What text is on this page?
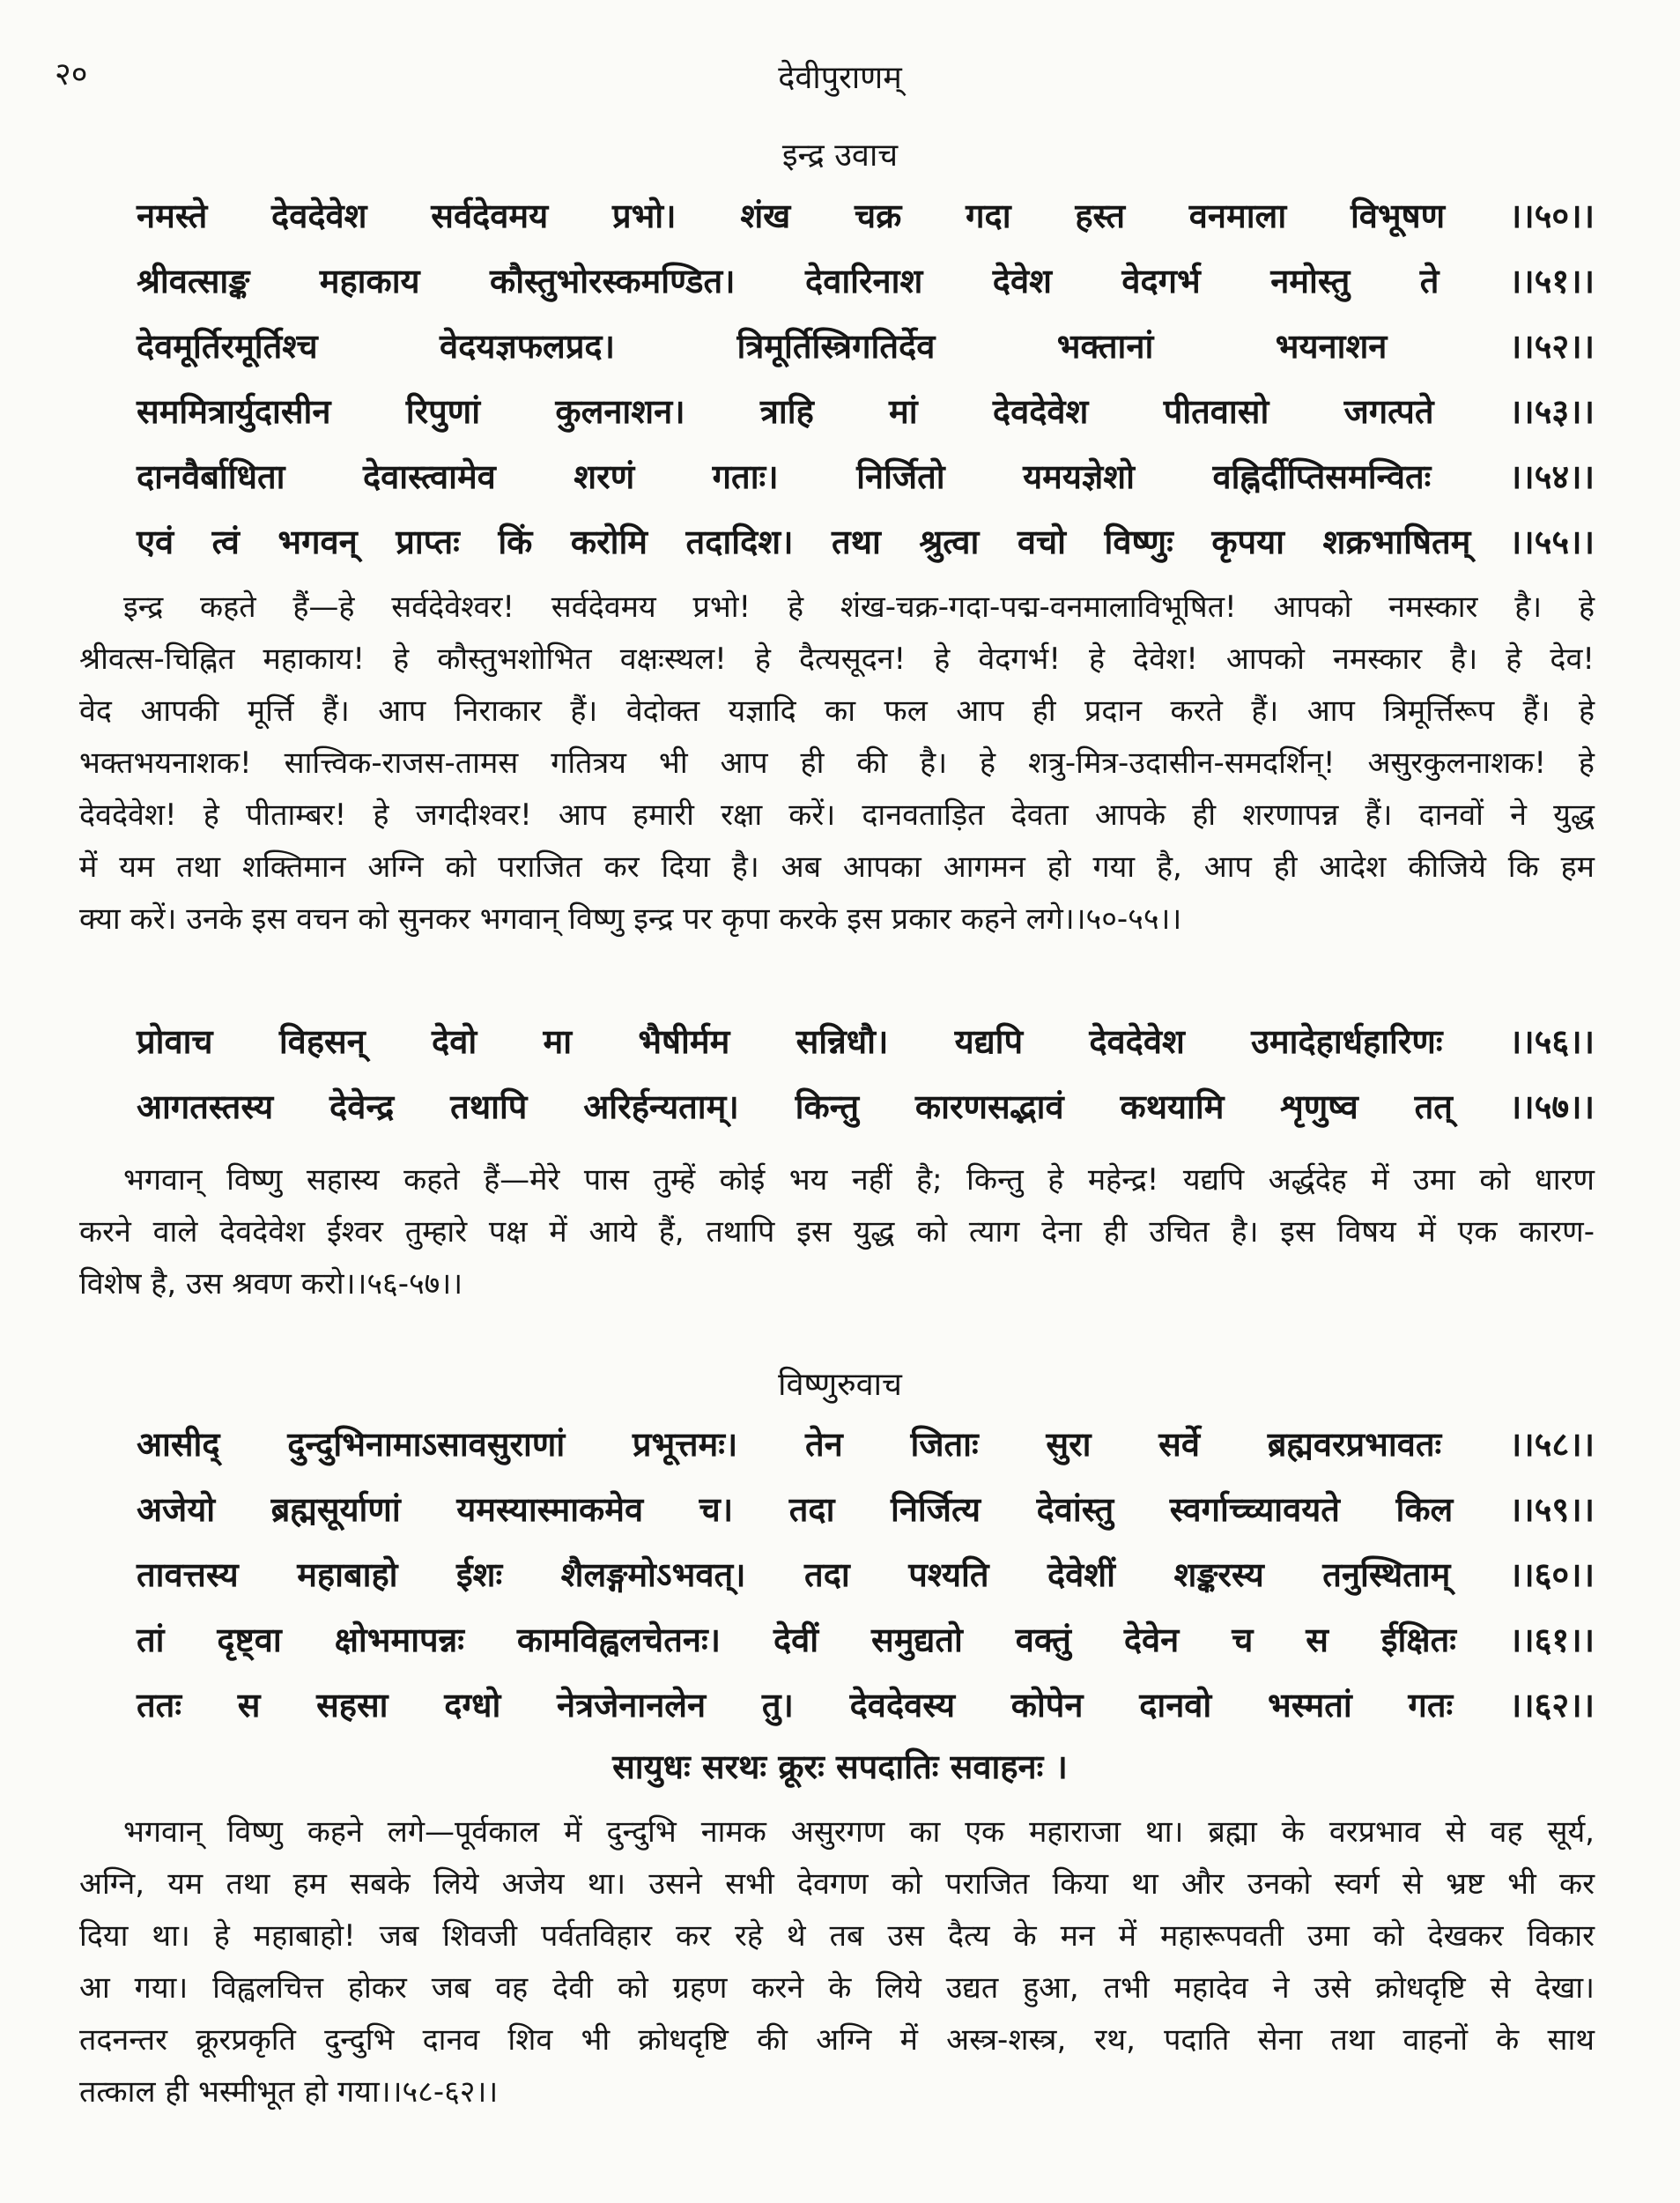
२०	देवीपुराणम्
इन्द्र उवाच
नमस्ते देवदेवेश सर्वदेवमय प्रभो। शंख चक्र गदा हस्त वनमाला विभूषण ।।५०।।
श्रीवत्साङ्क महाकाय कौस्तुभोरस्कमण्डित। देवारिनाश देवेश वेदगर्भ नमोस्तु ते ।।५१।।
देवमूर्तिरमूर्तिश्च वेदयज्ञफलप्रद। त्रिमूर्तिस्त्रिगतिर्देव भक्तानां भयनाशन ।।५२।।
सममित्रार्युदासीन रिपुणां कुलनाशन। त्राहि मां देवदेवेश पीतवासो जगत्पते ।।५३।।
दानवैर्बाधिता देवास्त्वामेव शरणं गताः। निर्जितो यमयज्ञेशो वह्निर्दीप्तिसमन्वितः ।।५४।।
एवं त्वं भगवन् प्राप्तः किं करोमि तदादिश। तथा श्रुत्वा वचो विष्णुः कृपया शक्रभाषितम् ।।५५।।
इन्द्र कहते हैं—हे सर्वदेवेश्वर! सर्वदेवमय प्रभो! हे शंख-चक्र-गदा-पद्म-वनमालाविभूषित! आपको नमस्कार है। हे
श्रीवत्स-चिह्नित महाकाय! हे कौस्तुभशोभित वक्षःस्थल! हे दैत्यसूदन! हे वेदगर्भ! हे देवेश! आपको नमस्कार है। हे देव!
वेद आपकी मूर्त्ति हैं। आप निराकार हैं। वेदोक्त यज्ञादि का फल आप ही प्रदान करते हैं। आप त्रिमूर्त्तिरूप हैं। हे
भक्तभयनाशक! सात्त्विक-राजस-तामस गतित्रय भी आप ही की है। हे शत्रु-मित्र-उदासीन-समदर्शिन्! असुरकुलनाशक! हे
देवदेवेश! हे पीताम्बर! हे जगदीश्वर! आप हमारी रक्षा करें। दानवताड़ित देवता आपके ही शरणापन्न हैं। दानवों ने युद्ध
में यम तथा शक्तिमान अग्नि को पराजित कर दिया है। अब आपका आगमन हो गया है, आप ही आदेश कीजिये कि हम
क्या करें। उनके इस वचन को सुनकर भगवान् विष्णु इन्द्र पर कृपा करके इस प्रकार कहने लगे।।५०-५५।।
प्रोवाच विहसन् देवो मा भैषीर्मम सन्निधौ। यद्यपि देवदेवेश उमादेहार्धहारिणः ।।५६।।
आगतस्तस्य देवेन्द्र तथापि अरिर्हन्यताम्। किन्तु कारणसद्भावं कथयामि शृणुष्व तत् ।।५७।।
भगवान् विष्णु सहास्य कहते हैं—मेरे पास तुम्हें कोई भय नहीं है; किन्तु हे महेन्द्र! यद्यपि अर्द्धदेह में उमा को धारण
करने वाले देवदेवेश ईश्वर तुम्हारे पक्ष में आये हैं, तथापि इस युद्ध को त्याग देना ही उचित है। इस विषय में एक कारण-
विशेष है, उस श्रवण करो।।५६-५७।।
विष्णुरुवाच
आसीद् दुन्दुभिनामाऽसावसुराणां प्रभूत्तमः। तेन जिताः सुरा सर्वे ब्रह्मवरप्रभावतः ।।५८।।
अजेयो ब्रह्मसूर्याणां यमस्यास्माकमेव च। तदा निर्जित्य देवांस्तु स्वर्गाच्च्यावयते किल ।।५९।।
तावत्तस्य महाबाहो ईशः शैलङ्गमोऽभवत्। तदा पश्यति देवेशीं शङ्करस्य तनुस्थिताम् ।।६०।।
तां दृष्ट्वा क्षोभमापन्नः कामविह्वलचेतनः। देवीं समुद्यतो वक्तुं देवेन च स ईक्षितः ।।६१।।
ततः स सहसा दग्धो नेत्रजेनानलेन तु। देवदेवस्य कोपेन दानवो भस्मतां गतः ।।६२।।
सायुधः सरथः क्रूरः सपदातिः सवाहनः ।
भगवान् विष्णु कहने लगे—पूर्वकाल में दुन्दुभि नामक असुरगण का एक महाराजा था। ब्रह्मा के वरप्रभाव से वह सूर्य,
अग्नि, यम तथा हम सबके लिये अजेय था। उसने सभी देवगण को पराजित किया था और उनको स्वर्ग से भ्रष्ट भी कर
दिया था। हे महाबाहो! जब शिवजी पर्वतविहार कर रहे थे तब उस दैत्य के मन में महारूपवती उमा को देखकर विकार
आ गया। विह्वलचित्त होकर जब वह देवी को ग्रहण करने के लिये उद्यत हुआ, तभी महादेव ने उसे क्रोधदृष्टि से देखा।
तदनन्तर क्रूरप्रकृति दुन्दुभि दानव शिव भी क्रोधदृष्टि की अग्नि में अस्त्र-शस्त्र, रथ, पदाति सेना तथा वाहनों के साथ
तत्काल ही भस्मीभूत हो गया।।५८-६२।।
